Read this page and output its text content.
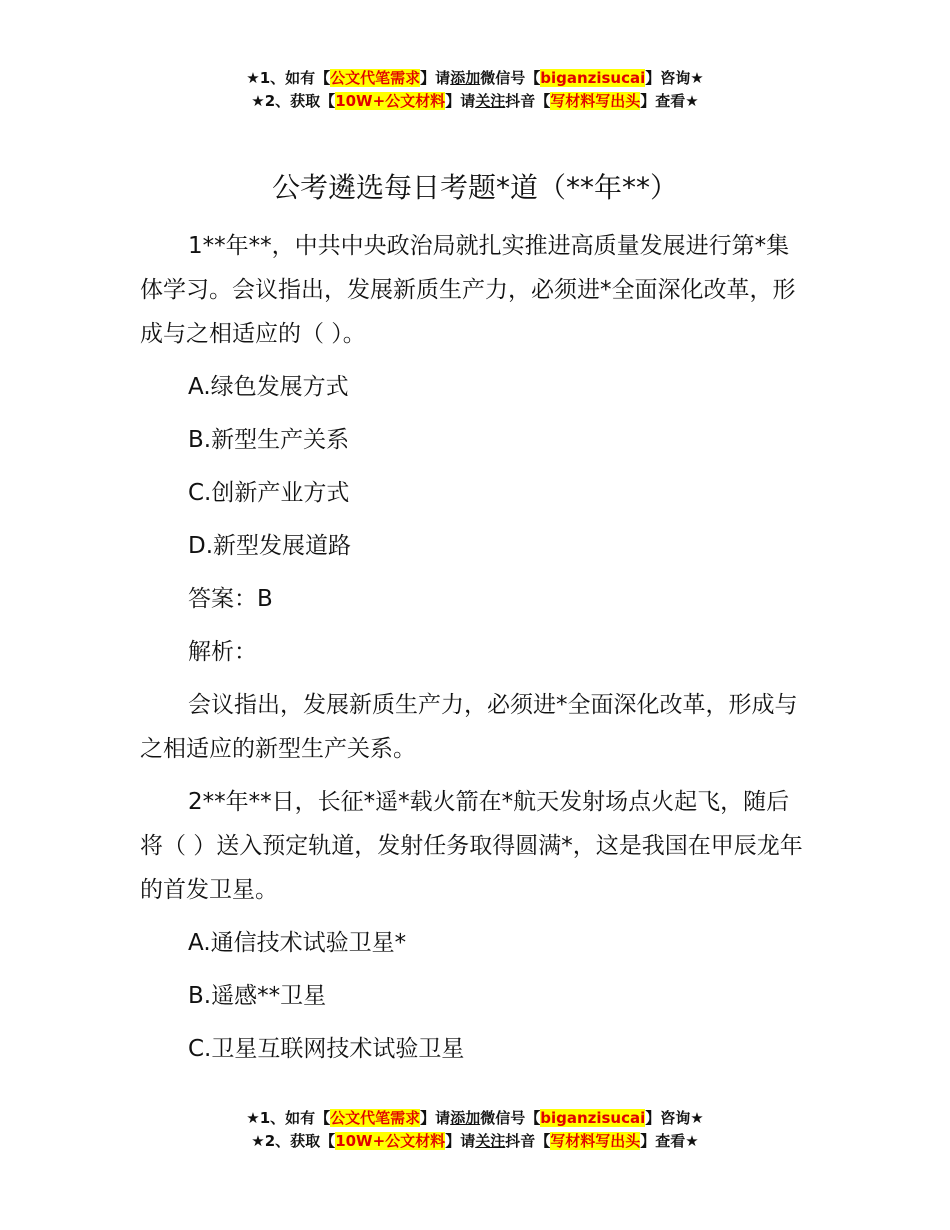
★1、如有【公文代笔需求】请添加微信号【biganzisucai】咨询★
★2、获取【10W+公文材料】请关注抖音【写材料写出头】查看★
公考遴选每日考题*道（**年**）

1**年**，中共中央政治局就扎实推进高质量发展进行第*集体学习。会议指出，发展新质生产力，必须进*全面深化改革，形成与之相适应的（ ）。

A.绿色发展方式

B.新型生产关系

C.创新产业方式

D.新型发展道路

答案：B

解析：

会议指出，发展新质生产力，必须进*全面深化改革，形成与之相适应的新型生产关系。

2**年**日，长征*遥*载火箭在*航天发射场点火起飞，随后将（ ）送入预定轨道，发射任务取得圆满*，这是我国在甲辰龙年的首发卫星。

A.通信技术试验卫星*

B.遥感**卫星

C.卫星互联网技术试验卫星

★1、如有【公文代笔需求】请添加微信号【biganzisucai】咨询★
★2、获取【10W+公文材料】请关注抖音【写材料写出头】查看★
